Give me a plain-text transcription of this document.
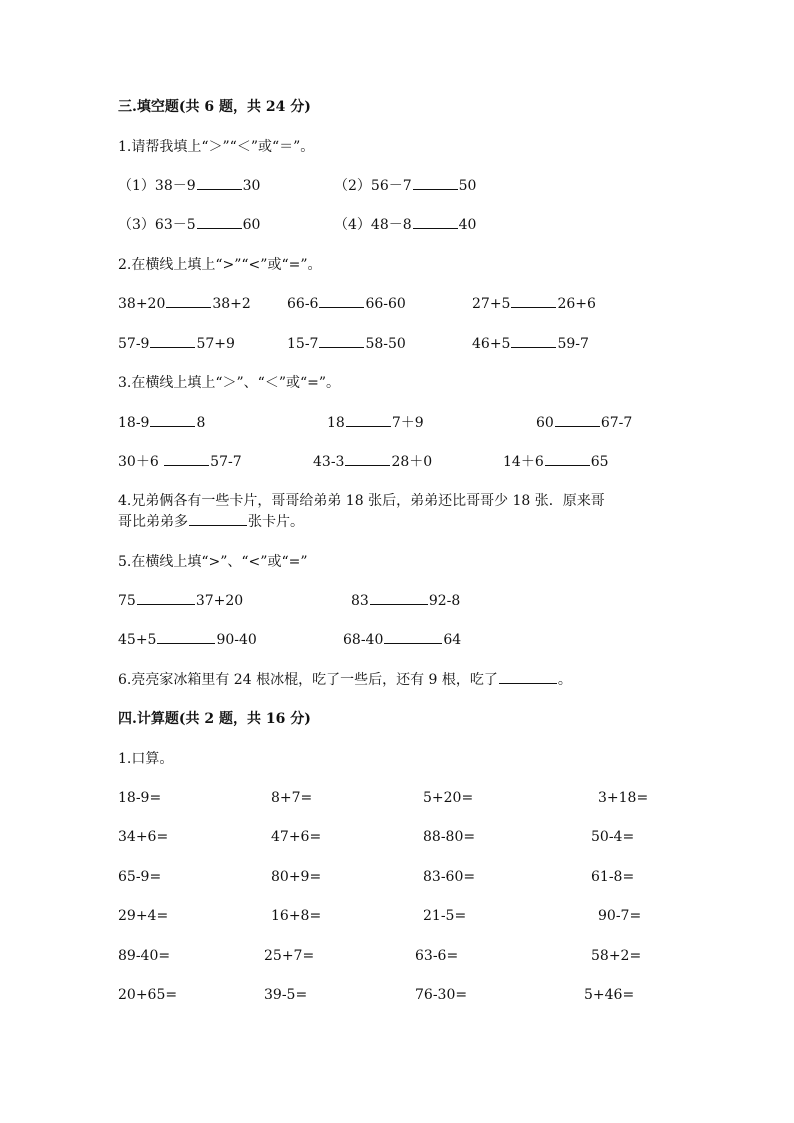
三.填空题(共 6 题，共 24 分)
1.请帮我填上“＞”“＜”或“＝”。
（1）38－9	30	（2）56－7	50
（3）63－5	60	（4）48－8	40
2.在横线上填上“>”“<”或“=”。
38+20	38+2	66-6	66-60	27+5	26+6
57-9	57+9	15-7	58-50	46+5	59-7
3.在横线上填上“＞”、“＜”或“=”。
18-9	8	18	7＋9	60	67-7
30＋6	57-7	43-3	28＋0	14＋6	65
4.兄弟俩各有一些卡片，哥哥给弟弟 18 张后，弟弟还比哥哥少 18 张．原来哥
哥比弟弟多	张卡片。
5.在横线上填“>”、“<”或“=”
75	37+20	83	92-8
45+5	90-40	68-40	64
6.亮亮家冰箱里有 24 根冰棍，吃了一些后，还有 9 根，吃了	。
四.计算题(共 2 题，共 16 分)
1.口算。
18-9=	8+7=	5+20=	3+18=
34+6=	47+6=	88-80=	50-4=
65-9=	80+9=	83-60=	61-8=
29+4=	16+8=	21-5=	90-7=
89-40=	25+7=	63-6=	58+2=
20+65=	39-5=	76-30=	5+46=
